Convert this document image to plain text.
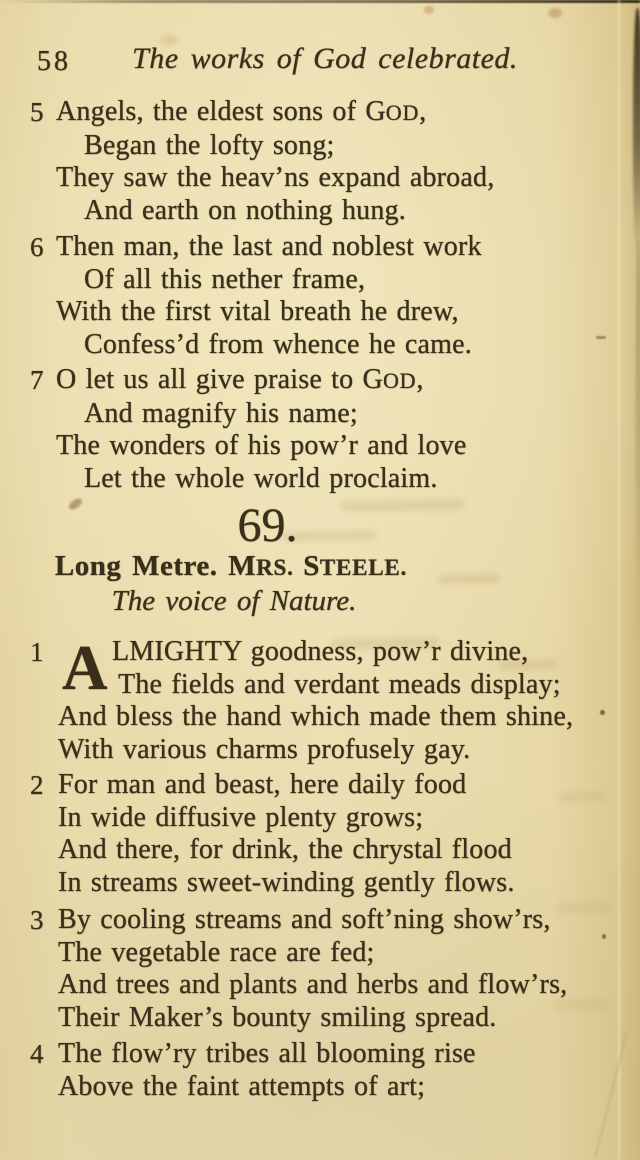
58	The works of God celebrated.
5 Angels, the eldest sons of GOD,
Began the lofty song;
They saw the heav’ns expand abroad,
And earth on nothing hung.
6 Then man, the last and noblest work
Of all this nether frame,
With the first vital breath he drew,
Confess’d from whence he came.
7 O let us all give praise to GOD,
And magnify his name;
The wonders of his pow’r and love
Let the whole world proclaim.
69.
Long Metre. MRS. STEELE.
The voice of Nature.
1 A LMIGHTY goodness, pow’r divine,
The fields and verdant meads display;
And bless the hand which made them shine,
With various charms profusely gay.
2 For man and beast, here daily food
In wide diffusive plenty grows;
And there, for drink, the chrystal flood
In streams sweet-winding gently flows.
3 By cooling streams and soft’ning show’rs,
The vegetable race are fed;
And trees and plants and herbs and flow’rs,
Their Maker’s bounty smiling spread.
4 The flow’ry tribes all blooming rise
Above the faint attempts of art;
